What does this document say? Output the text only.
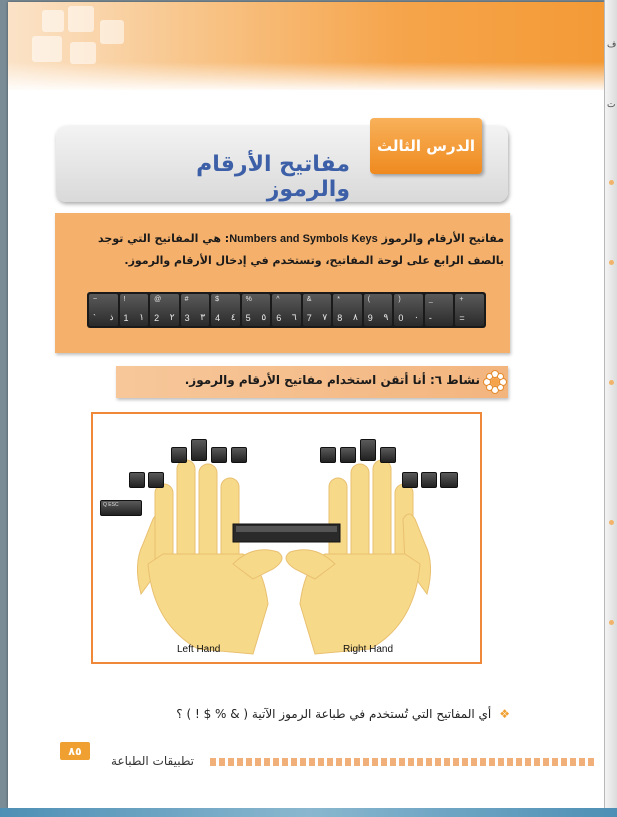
ف
ت
الدرس الثالث
مفاتيح الأرقام والرموز
مفاتيح الأرقام والرموز Numbers and Symbols Keys: هي المفاتيح التي توجد بالصف الرابع على لوحة المفاتيح، وتستخدم في إدخال الأرقام والرموز.
~
` ذ
!
1 ١
@
2 ٢
#
3 ٣
$
4 ٤
%
5 ٥
^
6 ٦
&
7 ٧
*
8 ٨
(
9 ٩
)
0 ٠
_
-
+
=
نشاط ٦: أنا أتقن استخدام مفاتيح الأرقام والرموز.
Q ESC
Left Hand	Right Hand
❖أي المفاتيح التي تُستخدم في طباعة الرموز الآتية ( & % $ ! ) ؟
٨٥
تطبيقات الطباعة
